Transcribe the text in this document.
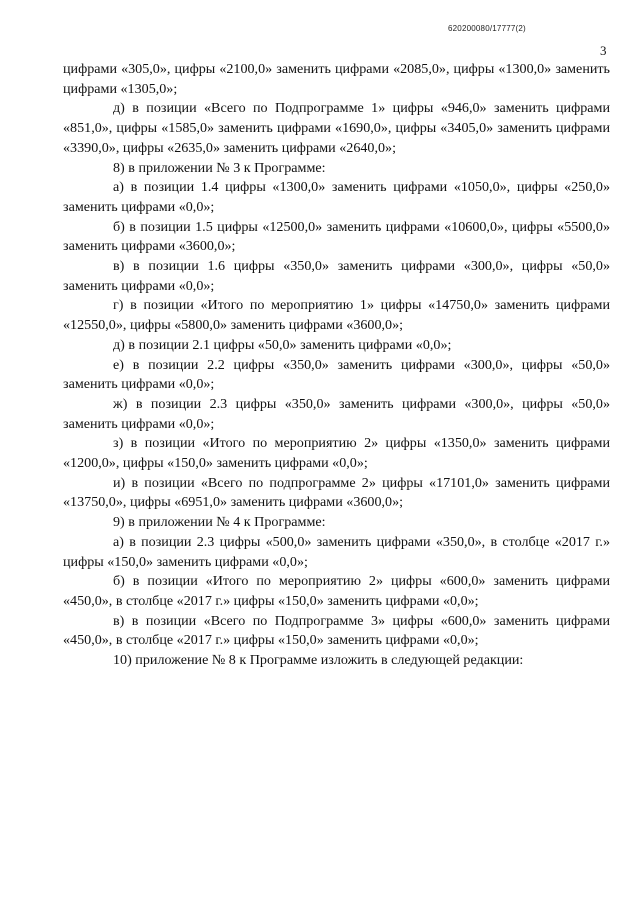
620200080/17777(2)
3

цифрами «305,0», цифры «2100,0» заменить цифрами «2085,0», цифры «1300,0» заменить цифрами «1305,0»;

д) в позиции «Всего по Подпрограмме 1» цифры «946,0» заменить цифрами «851,0», цифры «1585,0» заменить цифрами «1690,0», цифры «3405,0» заменить цифрами «3390,0», цифры «2635,0» заменить цифрами «2640,0»;

8) в приложении № 3 к Программе:

а) в позиции 1.4 цифры «1300,0» заменить цифрами «1050,0», цифры «250,0» заменить цифрами «0,0»;

б) в позиции 1.5 цифры «12500,0» заменить цифрами «10600,0», цифры «5500,0» заменить цифрами «3600,0»;

в) в позиции 1.6 цифры «350,0» заменить цифрами «300,0», цифры «50,0» заменить цифрами «0,0»;

г) в позиции «Итого по мероприятию 1» цифры «14750,0» заменить цифрами «12550,0», цифры «5800,0» заменить цифрами «3600,0»;

д) в позиции 2.1 цифры «50,0» заменить цифрами «0,0»;

е) в позиции 2.2 цифры «350,0» заменить цифрами «300,0», цифры «50,0» заменить цифрами «0,0»;

ж) в позиции 2.3 цифры «350,0» заменить цифрами «300,0», цифры «50,0» заменить цифрами «0,0»;

з) в позиции «Итого по мероприятию 2» цифры «1350,0» заменить цифрами «1200,0», цифры «150,0» заменить цифрами «0,0»;

и) в позиции «Всего по подпрограмме 2» цифры «17101,0» заменить цифрами «13750,0», цифры «6951,0» заменить цифрами «3600,0»;

9) в приложении № 4 к Программе:

а) в позиции 2.3 цифры «500,0» заменить цифрами «350,0», в столбце «2017 г.» цифры «150,0» заменить цифрами «0,0»;

б) в позиции «Итого по мероприятию 2» цифры «600,0» заменить цифрами «450,0», в столбце «2017 г.» цифры «150,0» заменить цифрами «0,0»;

в) в позиции «Всего по Подпрограмме 3» цифры «600,0» заменить цифрами «450,0», в столбце «2017 г.» цифры «150,0» заменить цифрами «0,0»;

10) приложение № 8 к Программе изложить в следующей редакции:
